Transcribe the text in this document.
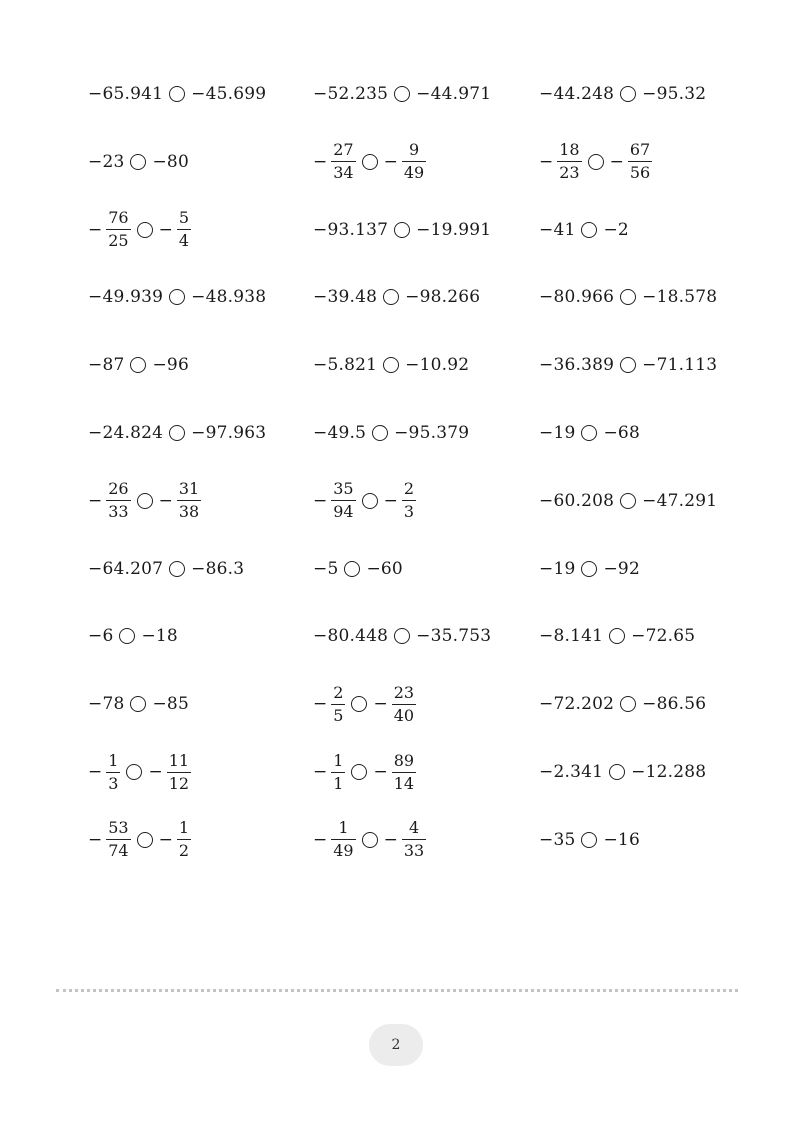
−65.941 −45.699	−52.235 −44.971	−44.248 −95.32
−23 −80	− $\frac{27}{34} - \frac{9}{49}$	− $\frac{18}{23} - \frac{67}{56}$
− $\frac{76}{25} - \frac{5}{4}$	−93.137 −19.991	−41 −2
−49.939 −48.938	−39.48 −98.266	−80.966 −18.578
−87 −96	−5.821 −10.92	−36.389 −71.113
−24.824 −97.963	−49.5 −95.379	−19 −68
− $\frac{26}{33} - \frac{31}{38}$	− $\frac{35}{94} - \frac{2}{3}$	−60.208 −47.291
−64.207 −86.3	−5 −60	−19 −92
−6 −18	−80.448 −35.753	−8.141 −72.65
−78 −85	− $\frac{2}{5} - \frac{23}{40}$	−72.202 −86.56
− $\frac{1}{3} - \frac{11}{12}$	− $\frac{1}{1} - \frac{89}{14}$	−2.341 −12.288
− $\frac{53}{74} - \frac{1}{2}$	− $\frac{1}{49} - \frac{4}{33}$	−35 −16
2
